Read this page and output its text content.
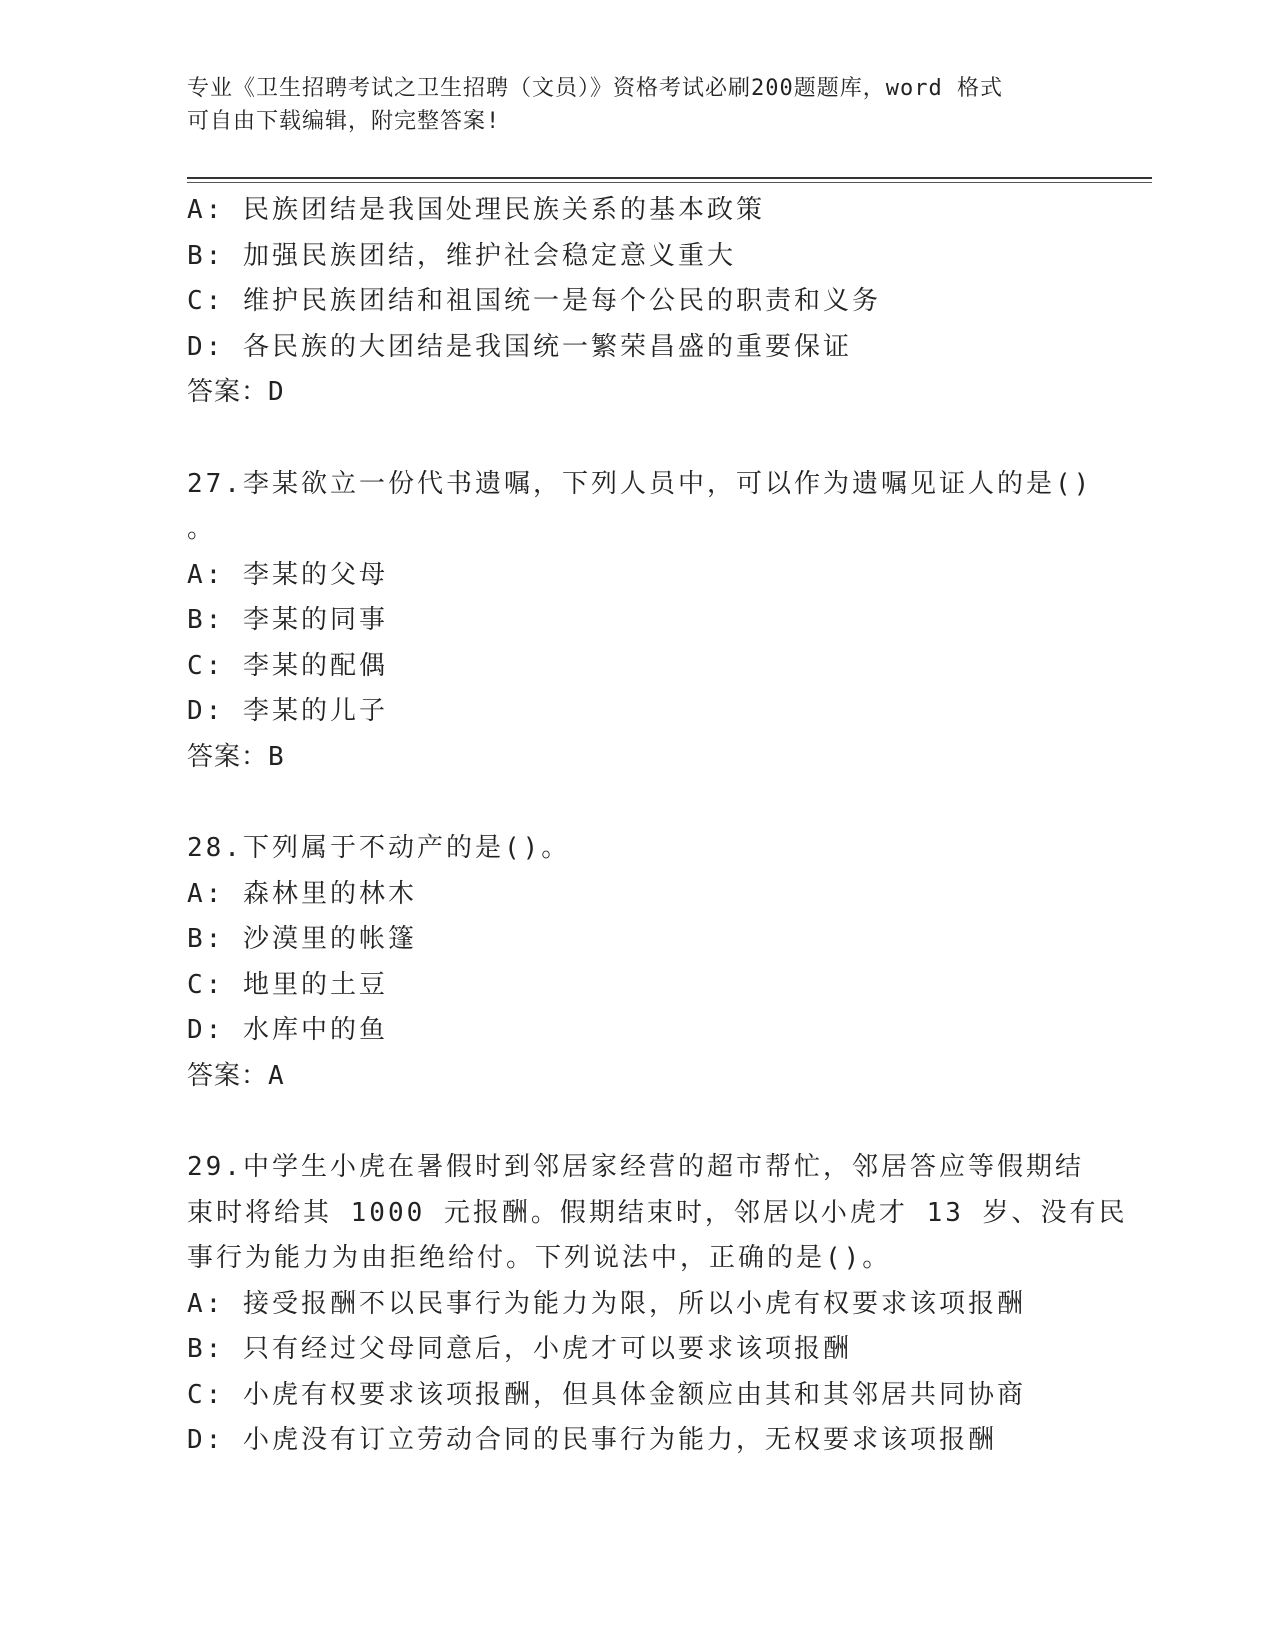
专业《卫生招聘考试之卫生招聘（文员）》资格考试必刷200题题库，word 格式
可自由下载编辑，附完整答案!
A: 民族团结是我国处理民族关系的基本政策
B: 加强民族团结，维护社会稳定意义重大
C: 维护民族团结和祖国统一是每个公民的职责和义务
D: 各民族的大团结是我国统一繁荣昌盛的重要保证
答案：D
27.李某欲立一份代书遗嘱，下列人员中，可以作为遗嘱见证人的是()
。
A: 李某的父母
B: 李某的同事
C: 李某的配偶
D: 李某的儿子
答案：B
28.下列属于不动产的是()。
A: 森林里的林木
B: 沙漠里的帐篷
C: 地里的土豆
D: 水库中的鱼
答案：A
29.中学生小虎在暑假时到邻居家经营的超市帮忙，邻居答应等假期结
束时将给其 1000 元报酬。假期结束时，邻居以小虎才 13 岁、没有民
事行为能力为由拒绝给付。下列说法中，正确的是()。
A: 接受报酬不以民事行为能力为限，所以小虎有权要求该项报酬
B: 只有经过父母同意后，小虎才可以要求该项报酬
C: 小虎有权要求该项报酬，但具体金额应由其和其邻居共同协商
D: 小虎没有订立劳动合同的民事行为能力，无权要求该项报酬
